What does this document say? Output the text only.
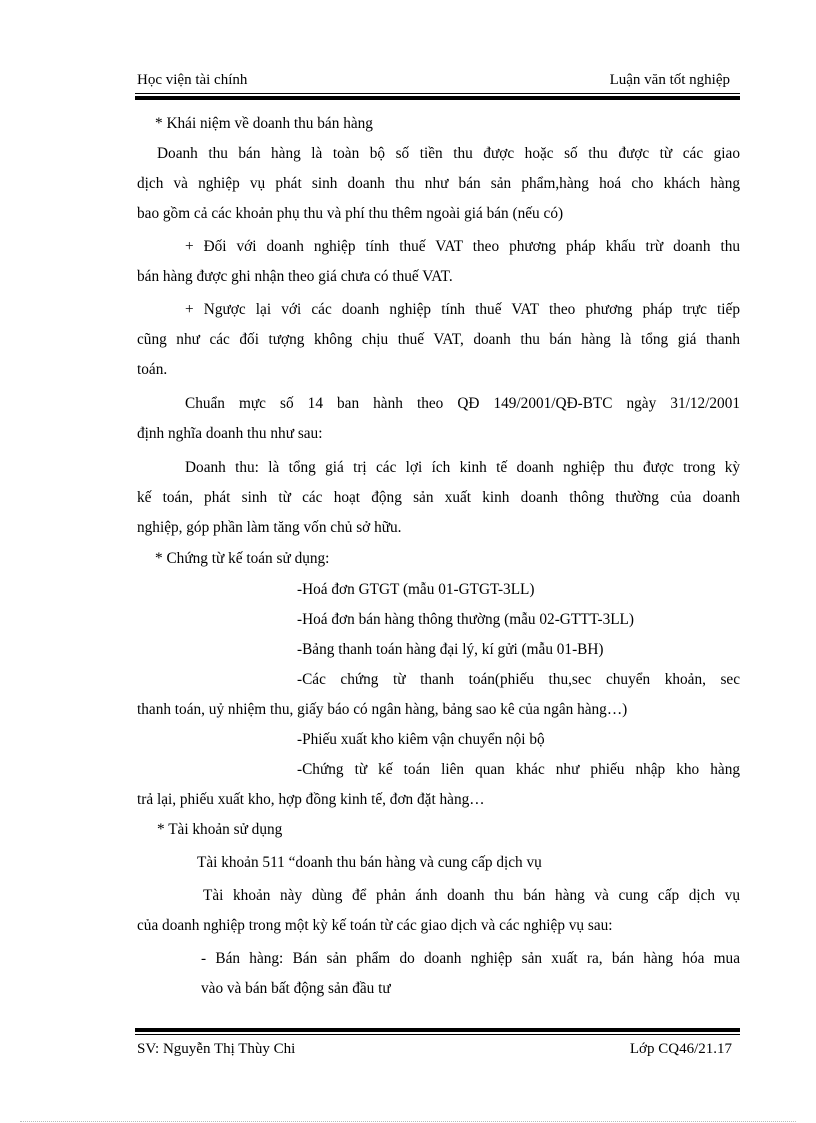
Học viện tài chính	Luận văn tốt nghiệp
* Khái niệm về doanh thu bán hàng
Doanh thu bán hàng là toàn bộ số tiền thu được hoặc số thu được từ các giao
dịch và nghiệp vụ phát sinh doanh thu như bán sản phẩm,hàng hoá cho khách hàng
bao gồm cả các khoản phụ thu và phí thu thêm ngoài giá bán (nếu có)
+ Đối với doanh nghiệp tính thuế VAT theo phương pháp khấu trừ doanh thu
bán hàng được ghi nhận theo giá chưa có thuế VAT.
+ Ngược lại với các doanh nghiệp tính thuế VAT theo phương pháp trực tiếp
cũng như các đối tượng không chịu thuế VAT, doanh thu bán hàng là tổng giá thanh
toán.
Chuẩn mực số 14 ban hành theo QĐ 149/2001/QĐ-BTC ngày 31/12/2001
định nghĩa doanh thu như sau:
Doanh thu: là tổng giá trị các lợi ích kinh tế doanh nghiệp thu được trong kỳ
kế toán, phát sinh từ các hoạt động sản xuất kinh doanh thông thường của doanh
nghiệp, góp phần làm tăng vốn chủ sở hữu.
* Chứng từ kế toán sử dụng:
-Hoá đơn GTGT (mẫu 01-GTGT-3LL)
-Hoá đơn bán hàng thông thường (mẫu 02-GTTT-3LL)
-Bảng thanh toán hàng đại lý, kí gửi (mẫu 01-BH)
-Các chứng từ thanh toán(phiếu thu,sec chuyển khoản, sec
thanh toán, uỷ nhiệm thu, giấy báo có ngân hàng, bảng sao kê của ngân hàng…)
-Phiếu xuất kho kiêm vận chuyển nội bộ
-Chứng từ kế toán liên quan khác như phiếu nhập kho hàng
trả lại, phiếu xuất kho, hợp đồng kinh tế, đơn đặt hàng…
* Tài khoản sử dụng
Tài khoản 511 “doanh thu bán hàng và cung cấp dịch vụ
Tài khoản này dùng để phản ánh doanh thu bán hàng và cung cấp dịch vụ
của doanh nghiệp trong một kỳ kế toán từ các giao dịch và các nghiệp vụ sau:
- Bán hàng: Bán sản phẩm do doanh nghiệp sản xuất ra, bán hàng hóa mua
vào và bán bất động sản đầu tư
SV: Nguyễn Thị Thùy Chi	Lớp CQ46/21.17
